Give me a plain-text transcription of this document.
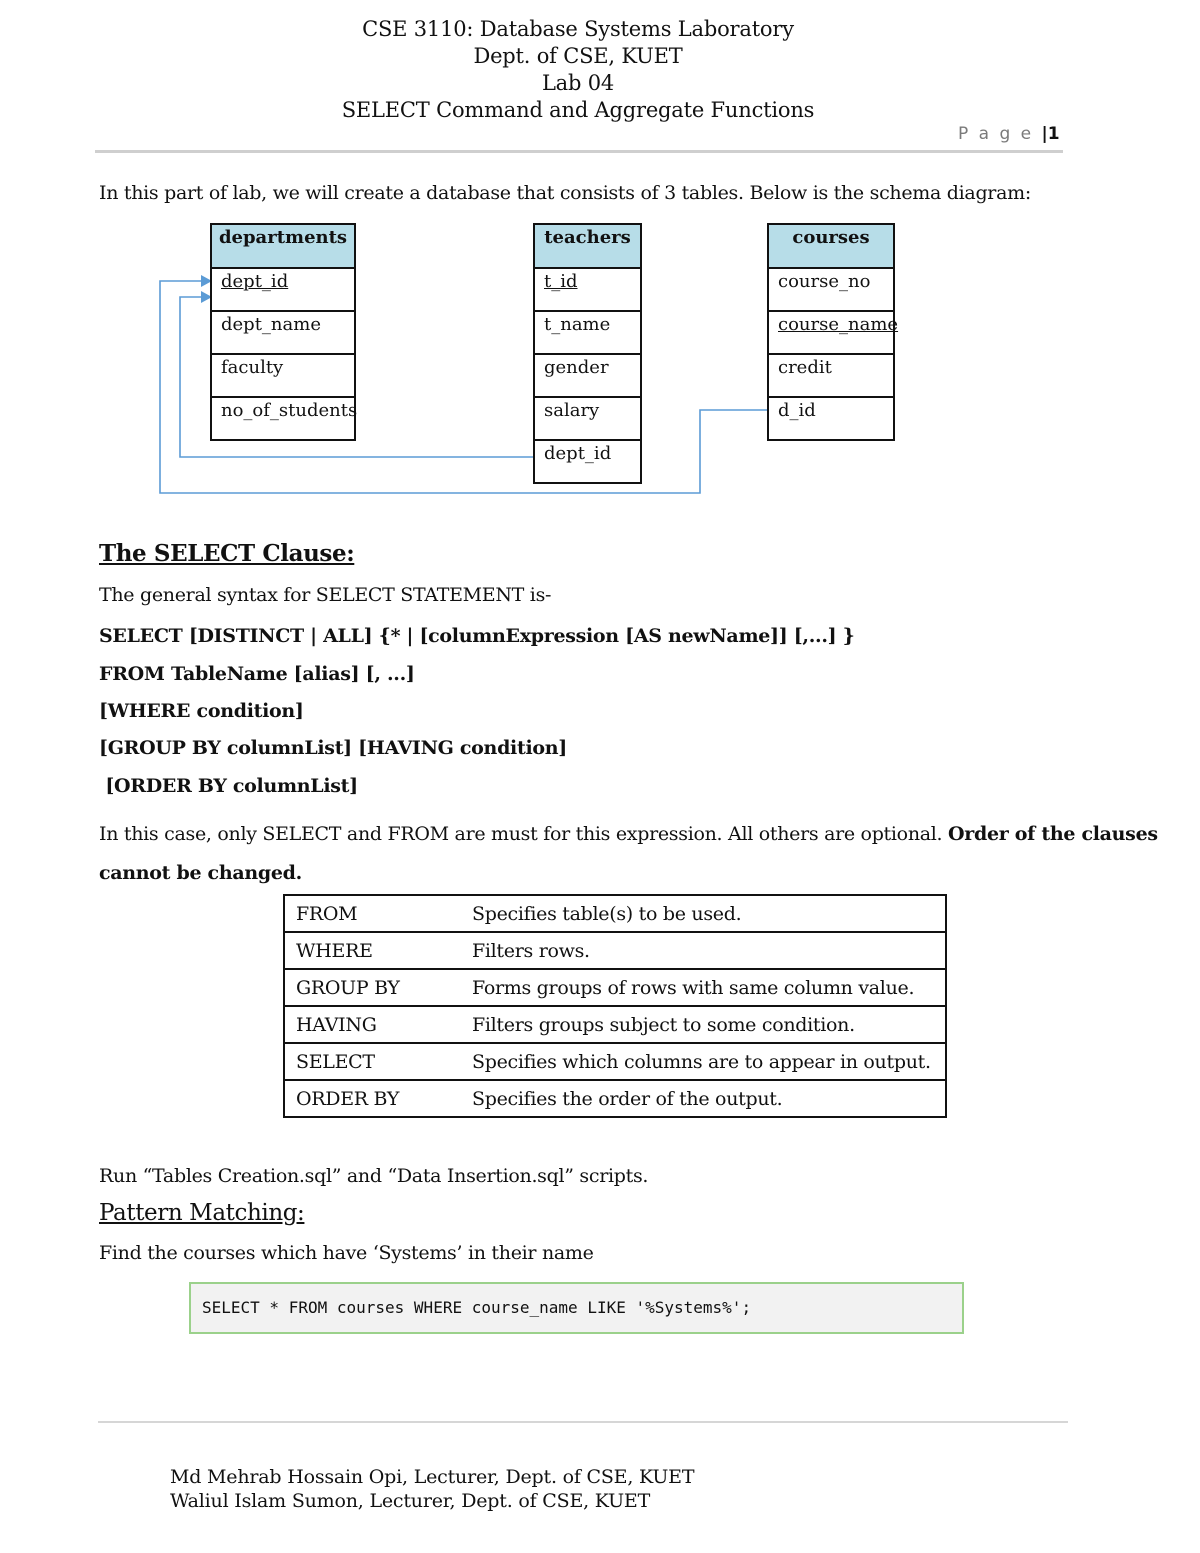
CSE 3110: Database Systems Laboratory
Dept. of CSE, KUET
Lab 04
SELECT Command and Aggregate Functions
P a g e |1
In this part of lab, we will create a database that consists of 3 tables. Below is the schema diagram:
departments
dept_id
dept_name
faculty
no_of_students
teachers
t_id
t_name
gender
salary
dept_id
courses
course_no
course_name
credit
d_id
The SELECT Clause:
The general syntax for SELECT STATEMENT is-
SELECT [DISTINCT | ALL] {* | [columnExpression [AS newName]] [,...] }
FROM TableName [alias] [, ...]
[WHERE condition]
[GROUP BY columnList] [HAVING condition]
[ORDER BY columnList]
In this case, only SELECT and FROM are must for this expression. All others are optional. Order of the clauses
cannot be changed.
FROM	Specifies table(s) to be used.
WHERE	Filters rows.
GROUP BY	Forms groups of rows with same column value.
HAVING	Filters groups subject to some condition.
SELECT	Specifies which columns are to appear in output.
ORDER BY	Specifies the order of the output.
Run “Tables Creation.sql” and “Data Insertion.sql” scripts.
Pattern Matching:
Find the courses which have ‘Systems’ in their name
SELECT * FROM courses WHERE course_name LIKE '%Systems%';
Md Mehrab Hossain Opi, Lecturer, Dept. of CSE, KUET
Waliul Islam Sumon, Lecturer, Dept. of CSE, KUET
